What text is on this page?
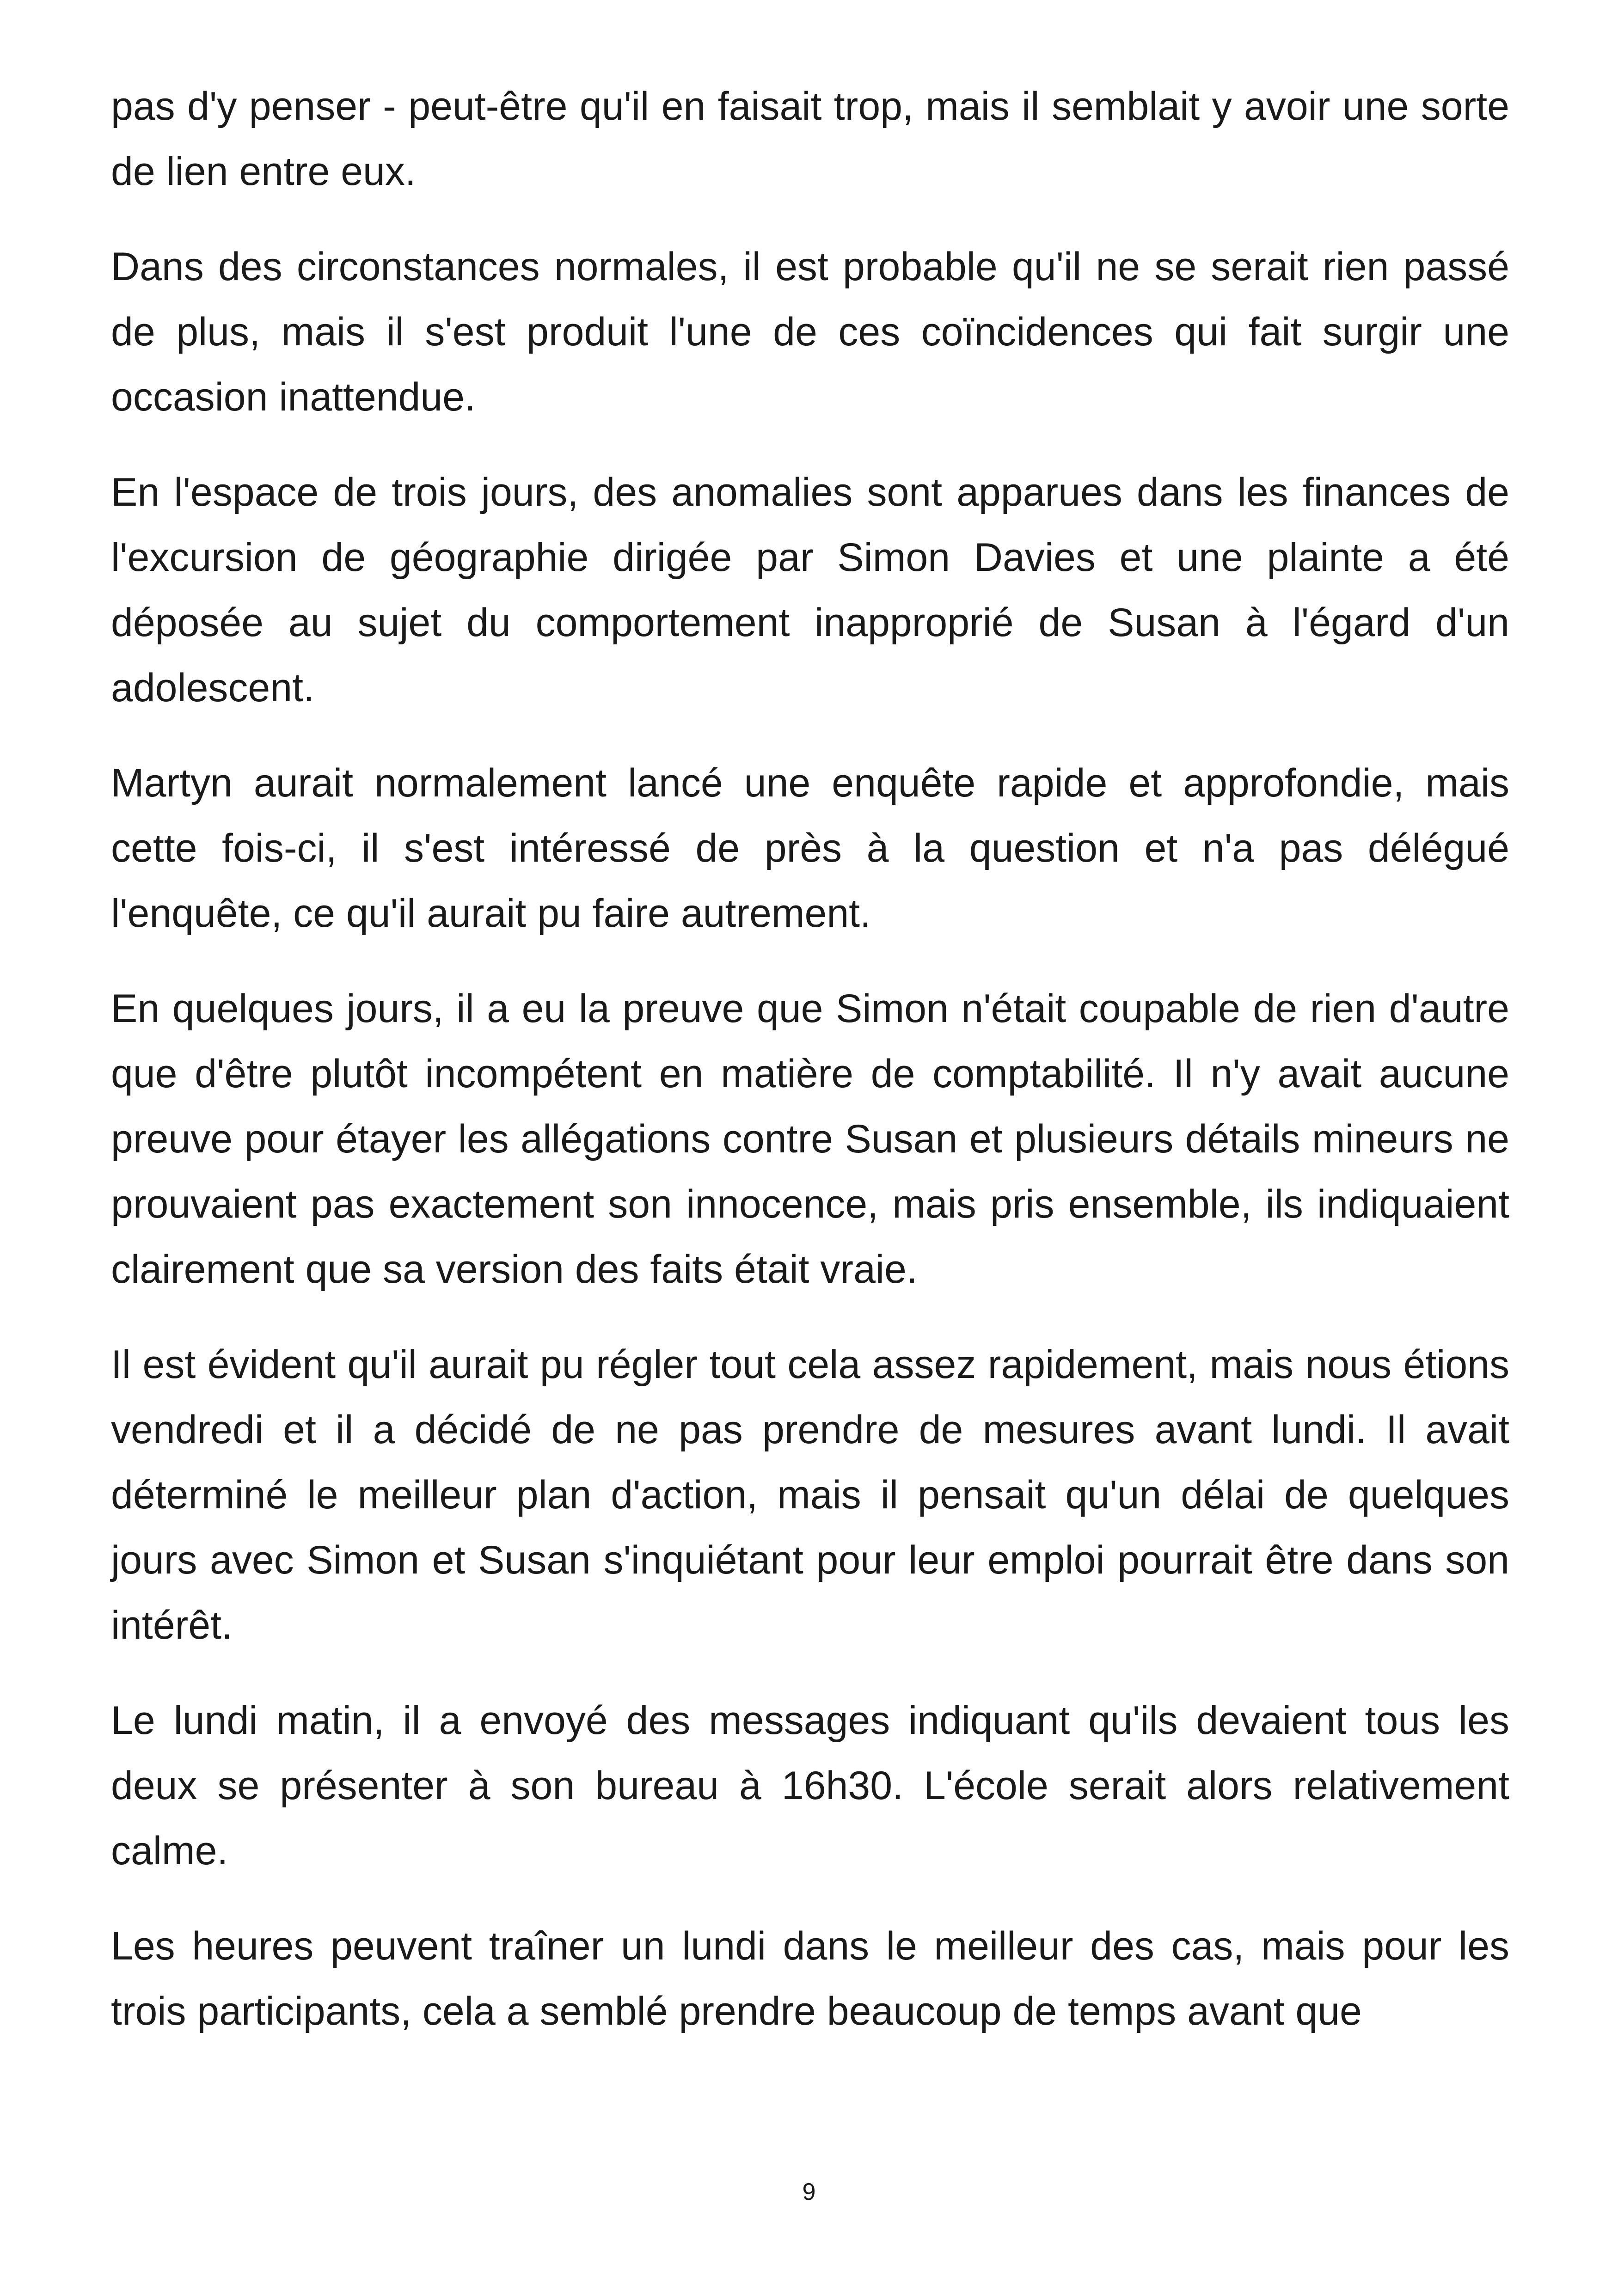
pas d'y penser - peut-être qu'il en faisait trop, mais il semblait y avoir une sorte de lien entre eux.

Dans des circonstances normales, il est probable qu'il ne se serait rien passé de plus, mais il s'est produit l'une de ces coïncidences qui fait surgir une occasion inattendue.

En l'espace de trois jours, des anomalies sont apparues dans les finances de l'excursion de géographie dirigée par Simon Davies et une plainte a été déposée au sujet du comportement inapproprié de Susan à l'égard d'un adolescent.

Martyn aurait normalement lancé une enquête rapide et approfondie, mais cette fois-ci, il s'est intéressé de près à la question et n'a pas délégué l'enquête, ce qu'il aurait pu faire autrement.

En quelques jours, il a eu la preuve que Simon n'était coupable de rien d'autre que d'être plutôt incompétent en matière de comptabilité. Il n'y avait aucune preuve pour étayer les allégations contre Susan et plusieurs détails mineurs ne prouvaient pas exactement son innocence, mais pris ensemble, ils indiquaient clairement que sa version des faits était vraie.

Il est évident qu'il aurait pu régler tout cela assez rapidement, mais nous étions vendredi et il a décidé de ne pas prendre de mesures avant lundi. Il avait déterminé le meilleur plan d'action, mais il pensait qu'un délai de quelques jours avec Simon et Susan s'inquiétant pour leur emploi pourrait être dans son intérêt.

Le lundi matin, il a envoyé des messages indiquant qu'ils devaient tous les deux se présenter à son bureau à 16h30. L'école serait alors relativement calme.

Les heures peuvent traîner un lundi dans le meilleur des cas, mais pour les trois participants, cela a semblé prendre beaucoup de temps avant que

9
